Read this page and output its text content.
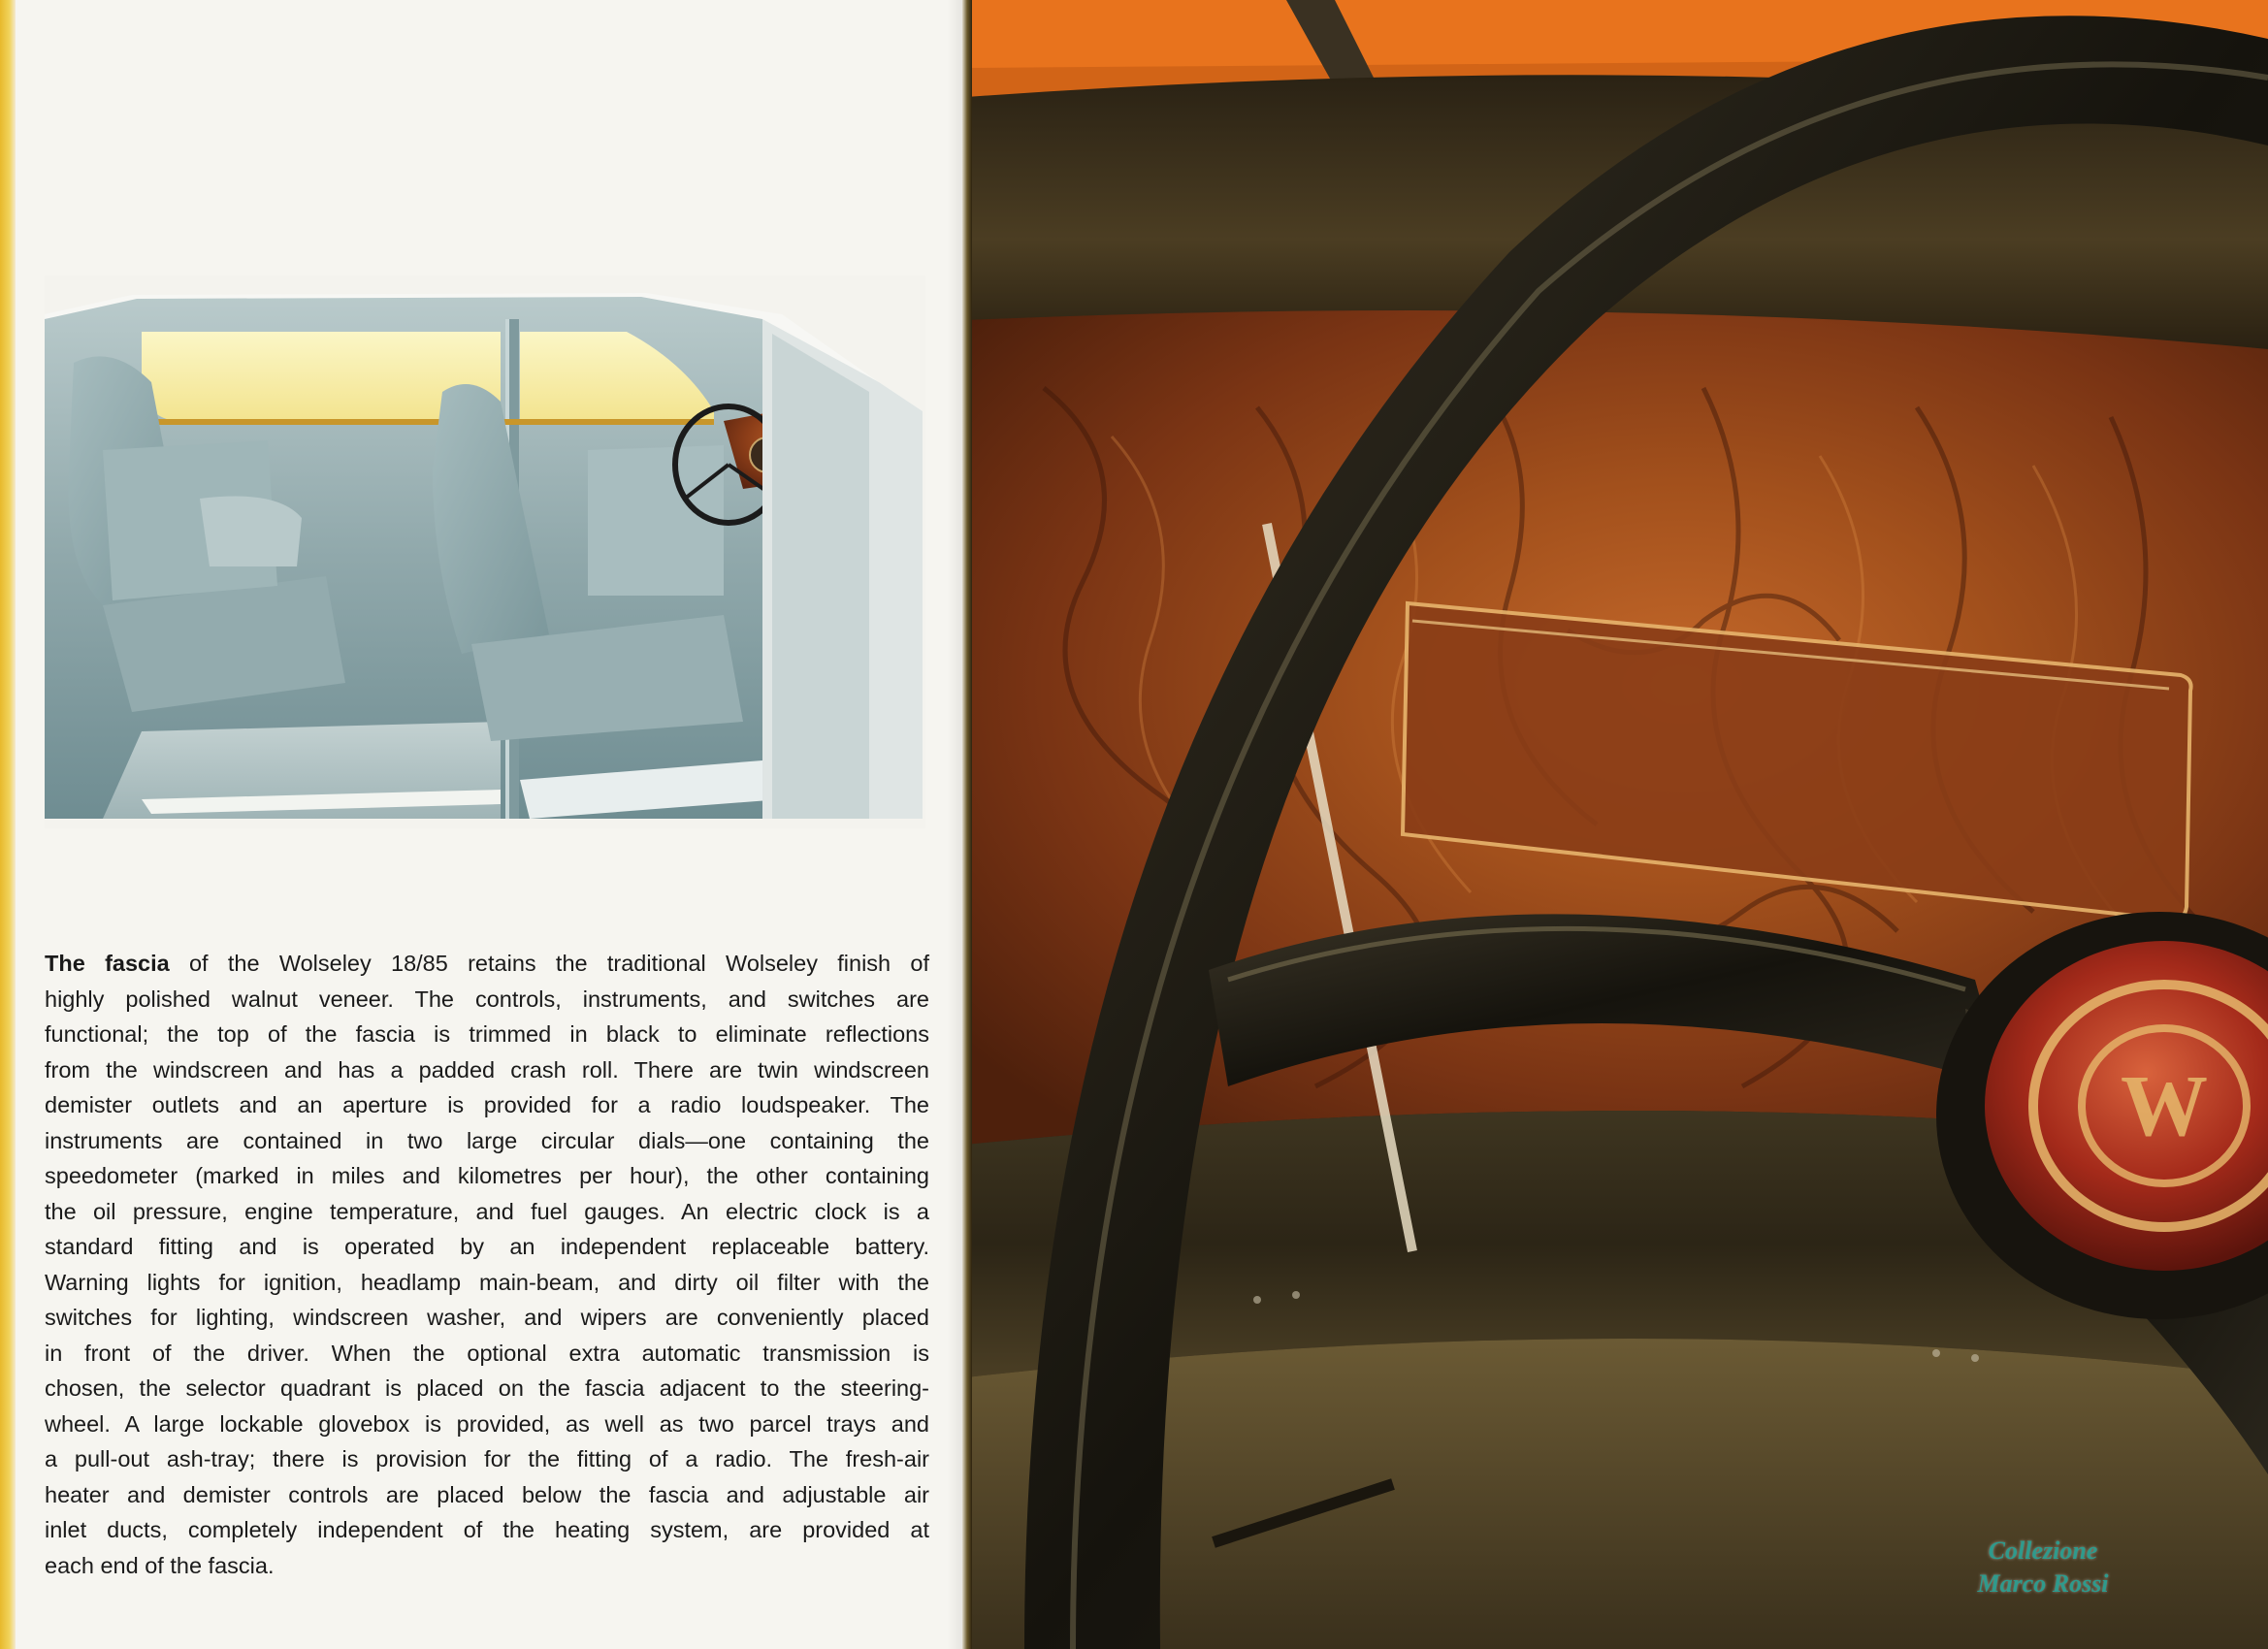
The fascia of the Wolseley 18/85 retains the traditional Wolseley finish of
highly polished walnut veneer. The controls, instruments, and switches are
functional; the top of the fascia is trimmed in black to eliminate reflections
from the windscreen and has a padded crash roll. There are twin windscreen
demister outlets and an aperture is provided for a radio loudspeaker. The
instruments are contained in two large circular dials—one containing the
speedometer (marked in miles and kilometres per hour), the other containing
the oil pressure, engine temperature, and fuel gauges. An electric clock is a
standard fitting and is operated by an independent replaceable battery.
Warning lights for ignition, headlamp main-beam, and dirty oil filter with the
switches for lighting, windscreen washer, and wipers are conveniently placed
in front of the driver. When the optional extra automatic transmission is
chosen, the selector quadrant is placed on the fascia adjacent to the steering-
wheel. A large lockable glovebox is provided, as well as two parcel trays and
a pull-out ash-tray; there is provision for the fitting of a radio. The fresh-air
heater and demister controls are placed below the fascia and adjustable air
inlet ducts, completely independent of the heating system, are provided at
each end of the fascia.

W
Collezione
Marco Rossi
